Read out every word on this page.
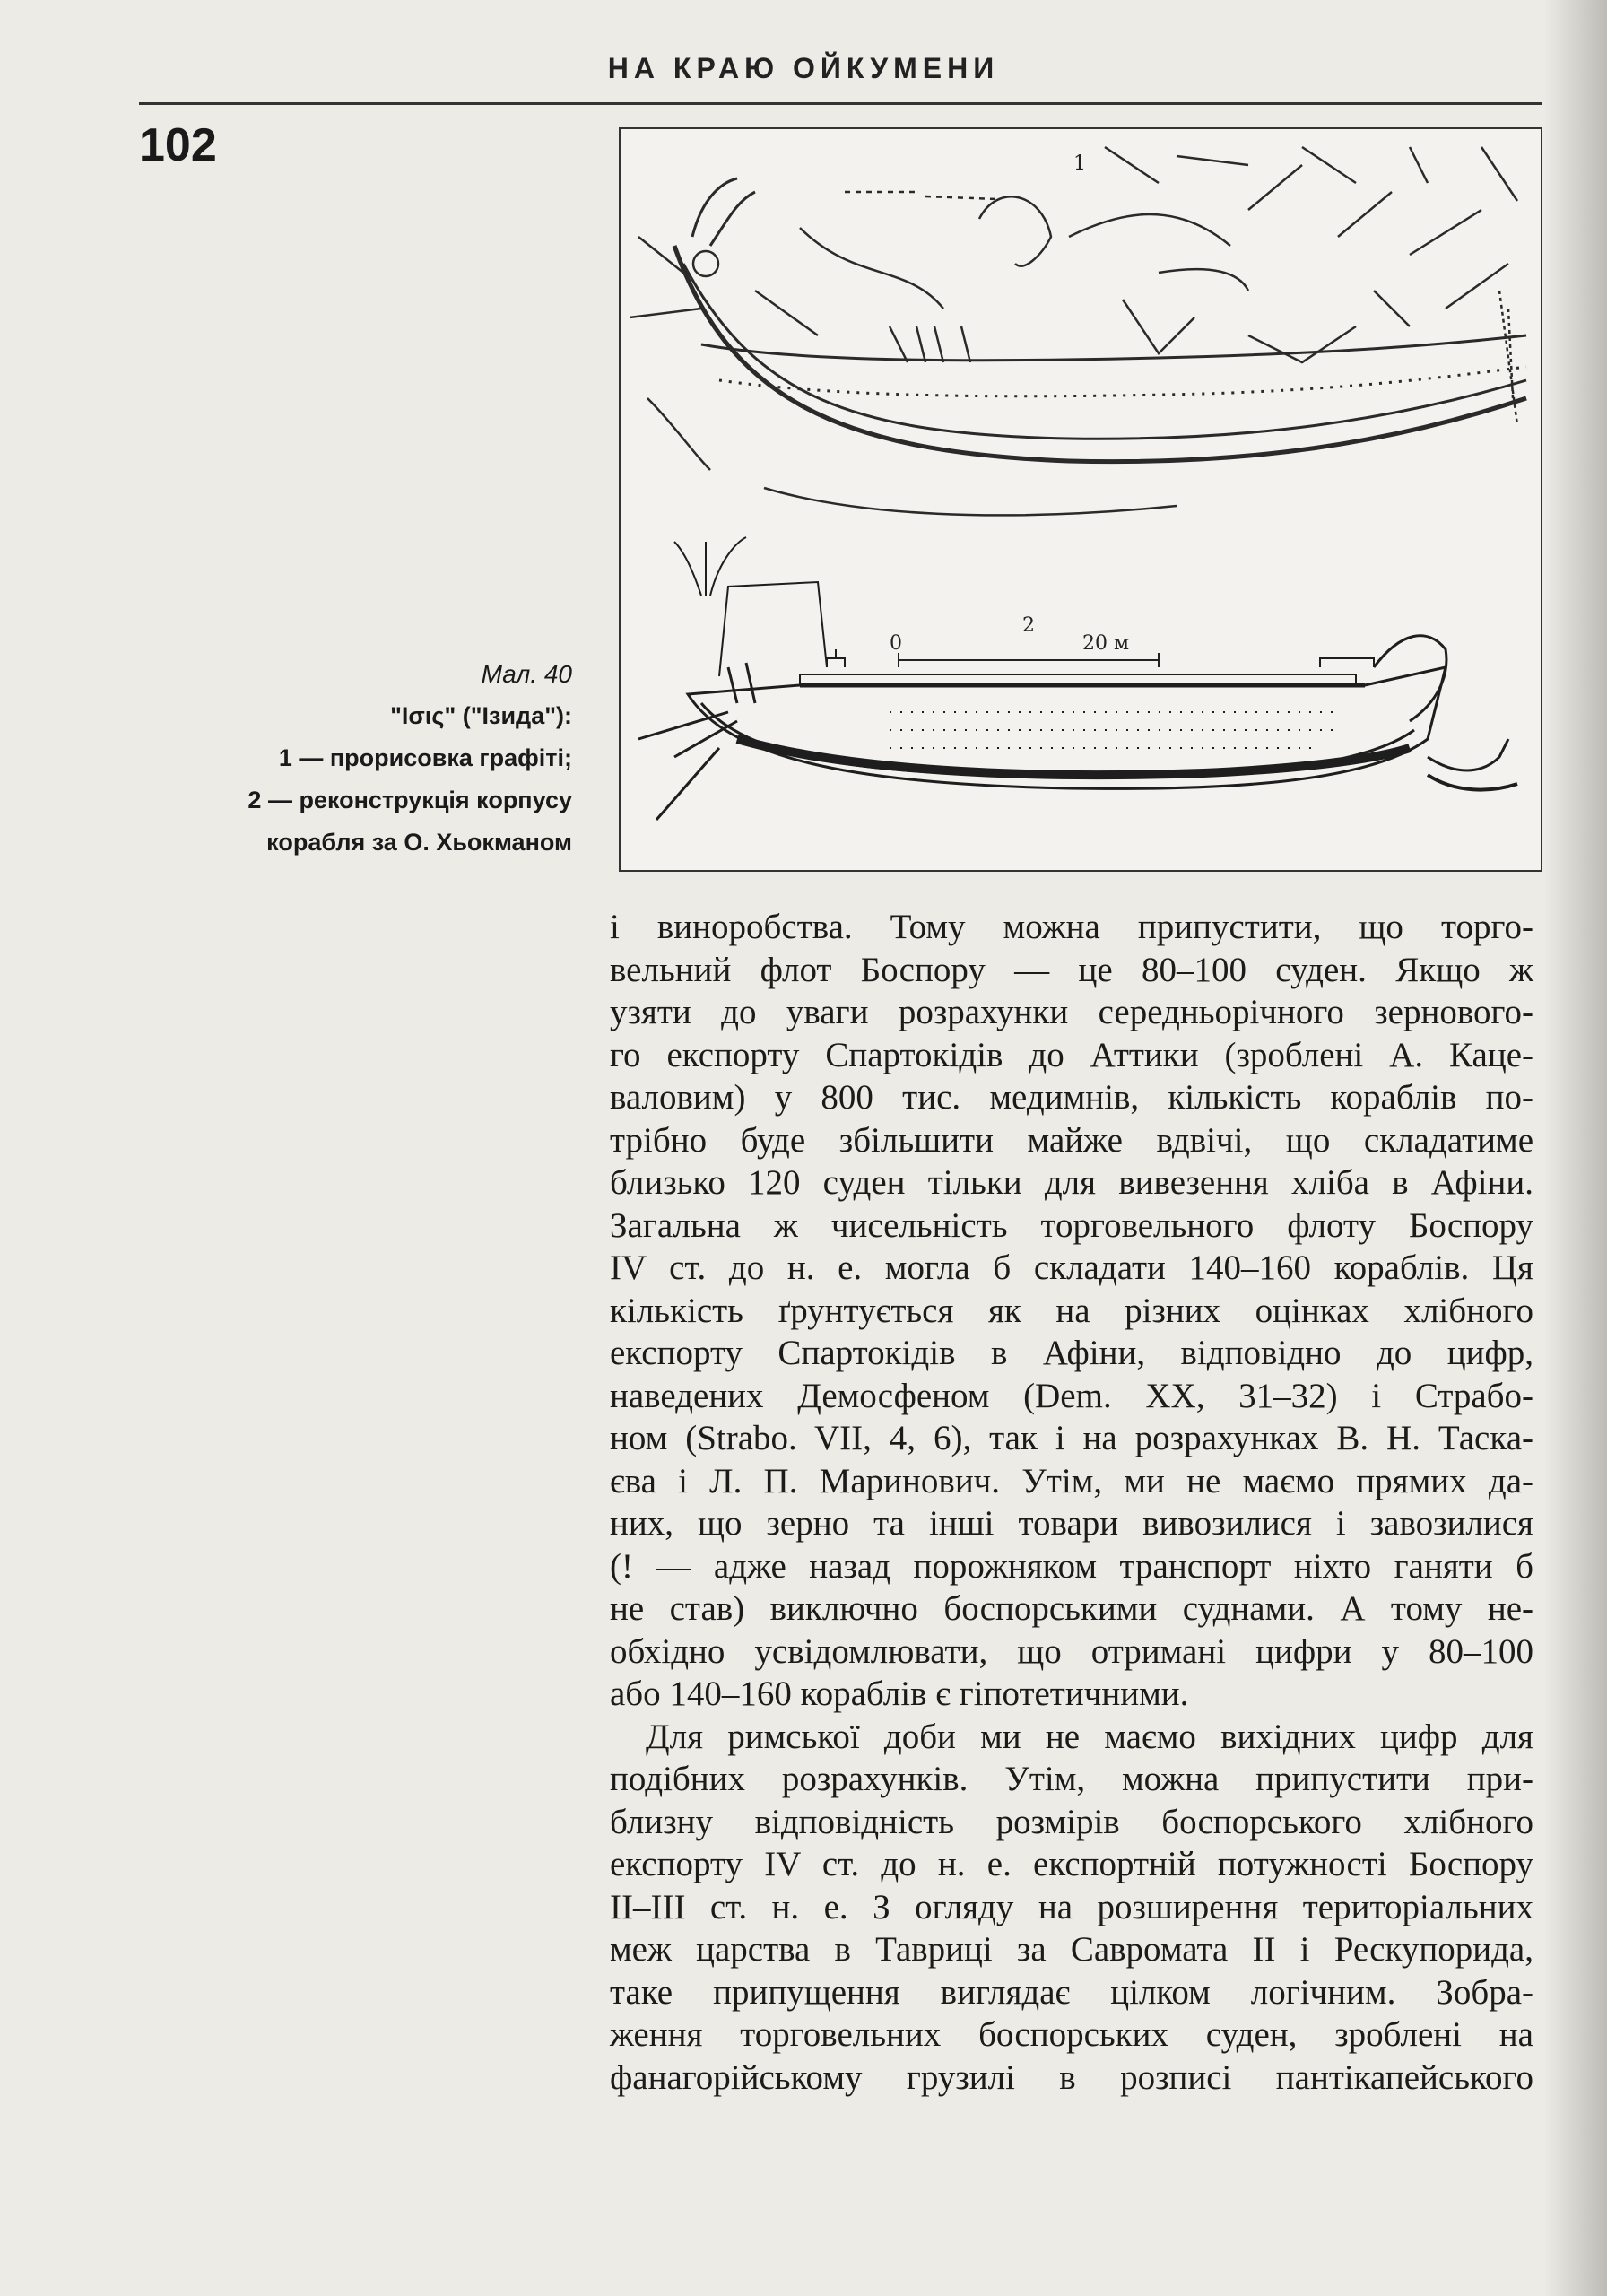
НА КРАЮ ОЙКУМЕНИ
102	1
0	20 м
2
Мал. 40
"Ισις" ("Ізида"):
1 — прорисовка графіті;
2 — реконструкція корпусу
корабля за О. Хьокманом
і виноробства. Тому можна припустити, що торго-
вельний флот Боспору — це 80–100 суден. Якщо ж
узяти до уваги розрахунки середньорічного зернового-
го експорту Спартокідів до Аттики (зроблені А. Каце-
валовим) у 800 тис. медимнів, кількість кораблів по-
трібно буде збільшити майже вдвічі, що складатиме
близько 120 суден тільки для вивезення хліба в Афіни.
Загальна ж чисельність торговельного флоту Боспору
IV ст. до н. е. могла б складати 140–160 кораблів. Ця
кількість ґрунтується як на різних оцінках хлібного
експорту Спартокідів в Афіни, відповідно до цифр,
наведених Демосфеном (Dem. XX, 31–32) і Страбо-
ном (Strabo. VII, 4, 6), так і на розрахунках В. Н. Таска-
єва і Л. П. Маринович. Утім, ми не маємо прямих да-
них, що зерно та інші товари вивозилися і завозилися
(! — адже назад порожняком транспорт ніхто ганяти б
не став) виключно боспорськими суднами. А тому не-
обхідно усвідомлювати, що отримані цифри у 80–100
або 140–160 кораблів є гіпотетичними.
Для римської доби ми не маємо вихідних цифр для
подібних розрахунків. Утім, можна припустити при-
близну відповідність розмірів боспорського хлібного
експорту IV ст. до н. е. експортній потужності Боспору
II–III ст. н. е. З огляду на розширення територіальних
меж царства в Тавриці за Савромата II і Рескупорида,
таке припущення виглядає цілком логічним. Зобра-
ження торговельних боспорських суден, зроблені на
фанагорійському грузилі в розписі пантікапейського
